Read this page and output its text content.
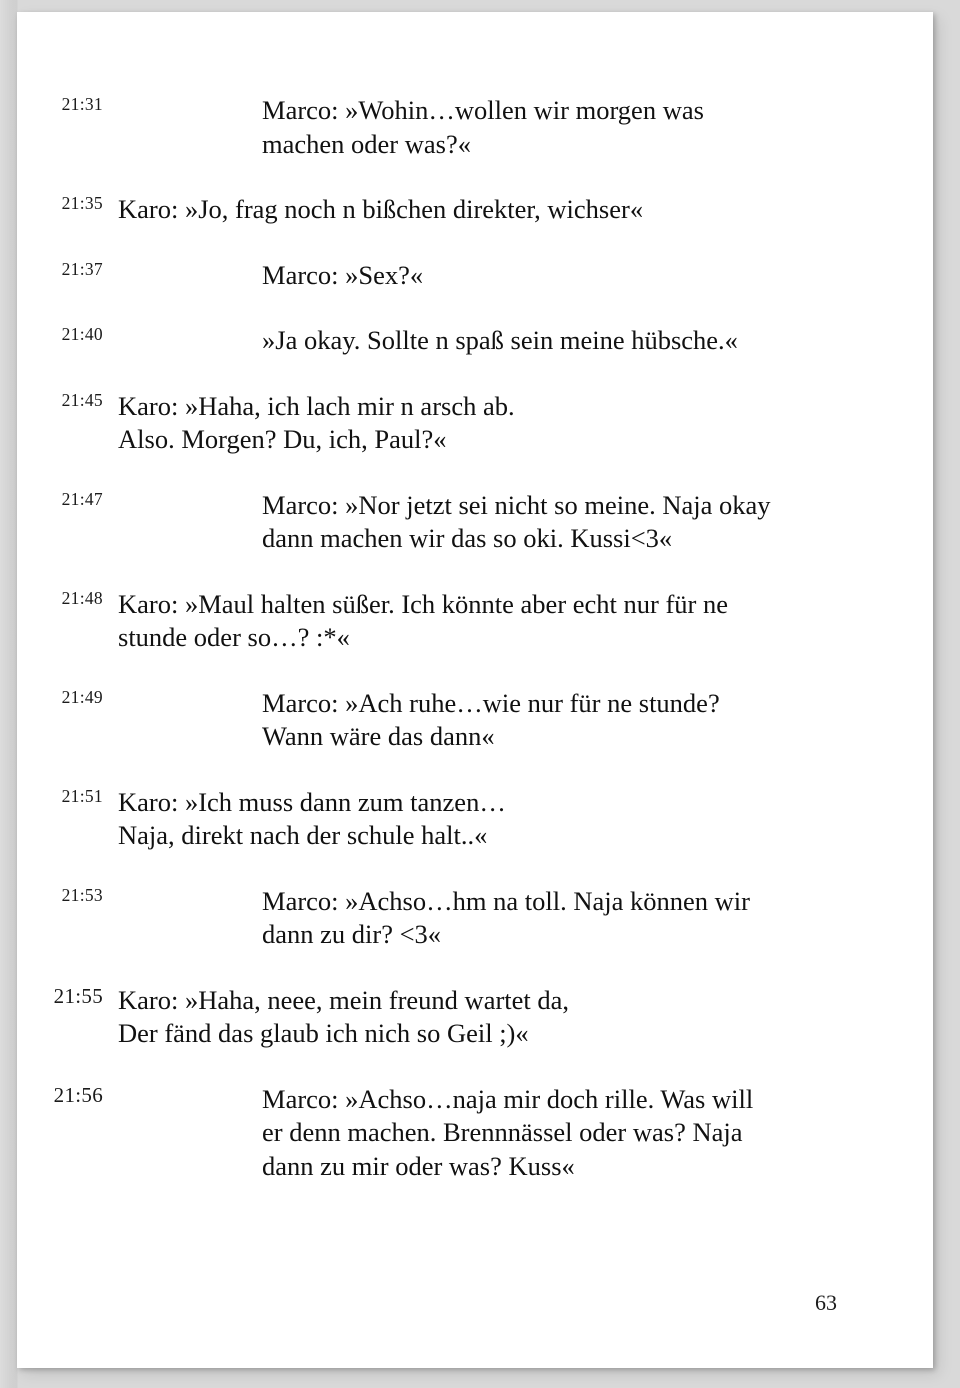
21:31	Marco: »Wohin…wollen wir morgen was

machen oder was?«

21:35 Karo: »Jo, frag noch n bißchen direkter, wichser«

21:37	Marco: »Sex?«

21:40	»Ja okay. Sollte n spaß sein meine hübsche.«

21:45 Karo: »Haha, ich lach mir n arsch ab.

Also. Morgen? Du, ich, Paul?«

21:47	Marco: »Nor jetzt sei nicht so meine. Naja okay

dann machen wir das so oki. Kussi<3«

21:48 Karo: »Maul halten süßer. Ich könnte aber echt nur für ne

stunde oder so…? :*«

21:49	Marco: »Ach ruhe…wie nur für ne stunde?

Wann wäre das dann«

21:51 Karo: »Ich muss dann zum tanzen…

Naja, direkt nach der schule halt..«

21:53	Marco: »Achso…hm na toll. Naja können wir

dann zu dir? <3«

21:55 Karo: »Haha, neee, mein freund wartet da,

Der fänd das glaub ich nich so Geil ;)«

21:56	Marco: »Achso…naja mir doch rille. Was will

er denn machen. Brennnässel oder was? Naja

dann zu mir oder was? Kuss«

63
